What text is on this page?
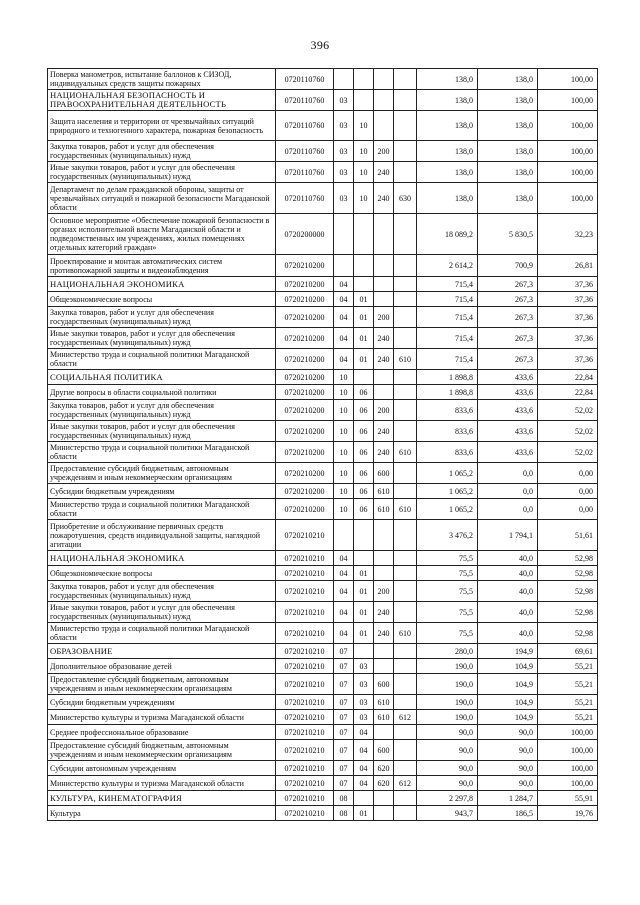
396
Поверка манометров, испытание баллонов к СИЗОД, индивидуальных средств защиты пожарных	0720110760					138,0	138,0	100,00
НАЦИОНАЛЬНАЯ БЕЗОПАСНОСТЬ И ПРАВООХРАНИТЕЛЬНАЯ ДЕЯТЕЛЬНОСТЬ	0720110760	03				138,0	138,0	100,00
Защита населения и территории от чрезвычайных ситуаций природного и техногенного характера, пожарная безопасность	0720110760	03	10			138,0	138,0	100,00
Закупка товаров, работ и услуг для обеспечения государственных (муниципальных) нужд	0720110760	03	10	200		138,0	138,0	100,00
Иные закупки товаров, работ и услуг для обеспечения государственных (муниципальных) нужд	0720110760	03	10	240		138,0	138,0	100,00
Департамент по делам гражданской обороны, защиты от чрезвычайных ситуаций и пожарной безопасности Магаданской области	0720110760	03	10	240	630	138,0	138,0	100,00
Основное мероприятие «Обеспечение пожарной безопасности в органах исполнительной власти Магаданской области и подведомственных им учреждениях, жилых помещениях отдельных категорий граждан»	0720200000					18 089,2	5 830,5	32,23
Проектирование и монтаж автоматических систем противопожарной защиты и видеонаблюдения	0720210200					2 614,2	700,9	26,81
НАЦИОНАЛЬНАЯ ЭКОНОМИКА	0720210200	04				715,4	267,3	37,36
Общеэкономические вопросы	0720210200	04	01			715,4	267,3	37,36
Закупка товаров, работ и услуг для обеспечения государственных (муниципальных) нужд	0720210200	04	01	200		715,4	267,3	37,36
Иные закупки товаров, работ и услуг для обеспечения государственных (муниципальных) нужд	0720210200	04	01	240		715,4	267,3	37,36
Министерство труда и социальной политики Магаданской области	0720210200	04	01	240	610	715,4	267,3	37,36
СОЦИАЛЬНАЯ ПОЛИТИКА	0720210200	10				1 898,8	433,6	22,84
Другие вопросы в области социальной политики	0720210200	10	06			1 898,8	433,6	22,84
Закупка товаров, работ и услуг для обеспечения государственных (муниципальных) нужд	0720210200	10	06	200		833,6	433,6	52,02
Иные закупки товаров, работ и услуг для обеспечения государственных (муниципальных) нужд	0720210200	10	06	240		833,6	433,6	52,02
Министерство труда и социальной политики Магаданской области	0720210200	10	06	240	610	833,6	433,6	52,02
Предоставление субсидий бюджетным, автономным учреждениям и иным некоммерческим организациям	0720210200	10	06	600		1 065,2	0,0	0,00
Субсидии бюджетным учреждениям	0720210200	10	06	610		1 065,2	0,0	0,00
Министерство труда и социальной политики Магаданской области	0720210200	10	06	610	610	1 065,2	0,0	0,00
Приобретение и обслуживание первичных средств пожаротушения, средств индивидуальной защиты, наглядной агитации	0720210210					3 476,2	1 794,1	51,61
НАЦИОНАЛЬНАЯ ЭКОНОМИКА	0720210210	04				75,5	40,0	52,98
Общеэкономические вопросы	0720210210	04	01			75,5	40,0	52,98
Закупка товаров, работ и услуг для обеспечения государственных (муниципальных) нужд	0720210210	04	01	200		75,5	40,0	52,98
Иные закупки товаров, работ и услуг для обеспечения государственных (муниципальных) нужд	0720210210	04	01	240		75,5	40,0	52,98
Министерство труда и социальной политики Магаданской области	0720210210	04	01	240	610	75,5	40,0	52,98
ОБРАЗОВАНИЕ	0720210210	07				280,0	194,9	69,61
Дополнительное образование детей	0720210210	07	03			190,0	104,9	55,21
Предоставление субсидий бюджетным, автономным учреждениям и иным некоммерческим организациям	0720210210	07	03	600		190,0	104,9	55,21
Субсидии бюджетным учреждениям	0720210210	07	03	610		190,0	104,9	55,21
Министерство культуры и туризма Магаданской области	0720210210	07	03	610	612	190,0	104,9	55,21
Среднее профессиональное образование	0720210210	07	04			90,0	90,0	100,00
Предоставление субсидий бюджетным, автономным учреждениям и иным некоммерческим организациям	0720210210	07	04	600		90,0	90,0	100,00
Субсидии автономным учреждениям	0720210210	07	04	620		90,0	90,0	100,00
Министерство культуры и туризма Магаданской области	0720210210	07	04	620	612	90,0	90,0	100,00
КУЛЬТУРА, КИНЕМАТОГРАФИЯ	0720210210	08				2 297,8	1 284,7	55,91
Культура	0720210210	08	01			943,7	186,5	19,76
